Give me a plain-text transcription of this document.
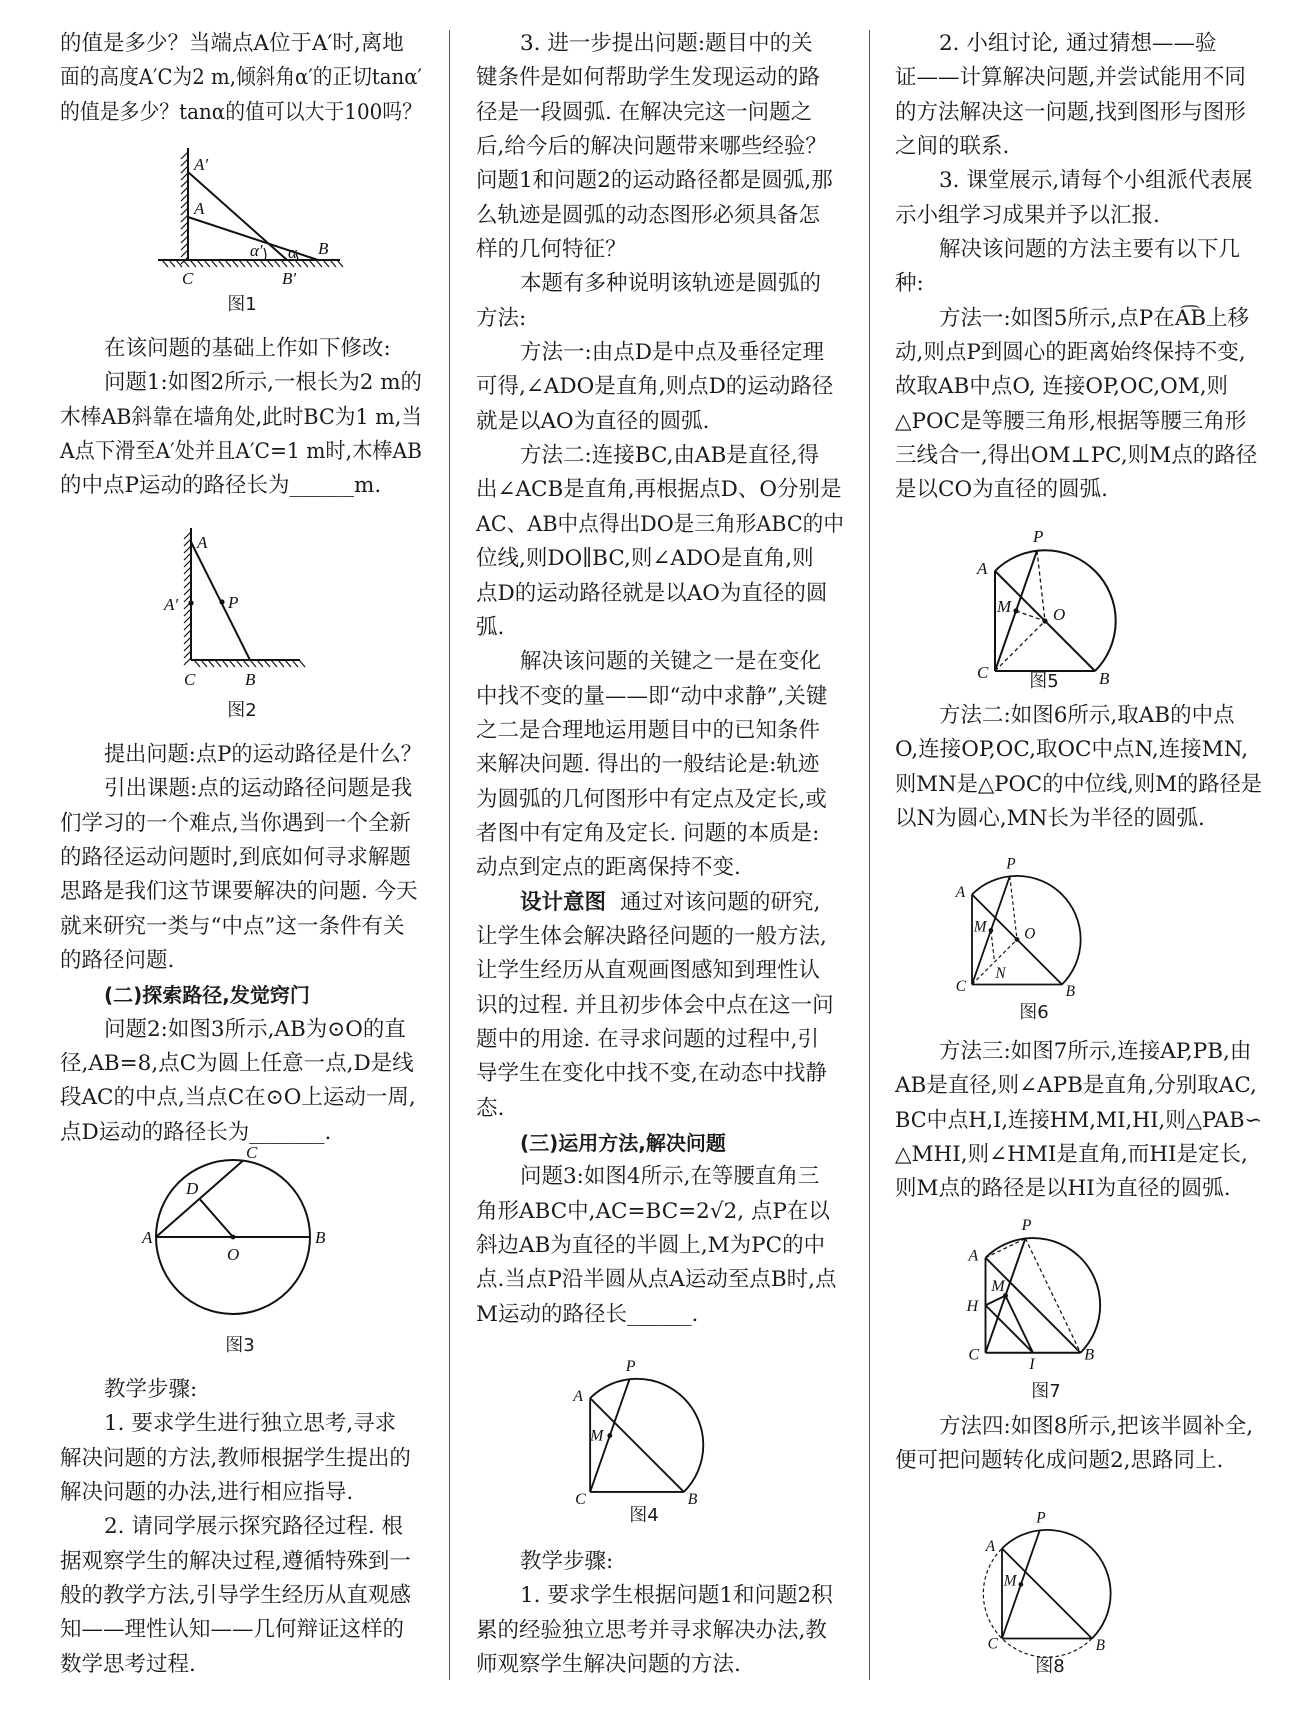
的值是多少？当端点A位于A′时,离地
面的高度A′C为2 m,倾斜角α′的正切tanα′
的值是多少？tanα的值可以大于100吗？
在该问题的基础上作如下修改:
问题1:如图2所示,一根长为2 m的
木棒AB斜靠在墙角处,此时BC为1 m,当
A点下滑至A′处并且A′C=1 m时,木棒AB
的中点P运动的路径长为______m.
提出问题:点P的运动路径是什么？
引出课题:点的运动路径问题是我
们学习的一个难点,当你遇到一个全新
的路径运动问题时,到底如何寻求解题
思路是我们这节课要解决的问题. 今天
就来研究一类与“中点”这一条件有关
的路径问题.
(二)探索路径,发觉窍门
问题2:如图3所示,AB为⊙O的直
径,AB=8,点C为圆上任意一点,D是线
段AC的中点,当点C在⊙O上运动一周,
点D运动的路径长为_______.
教学步骤:
1. 要求学生进行独立思考,寻求
解决问题的方法,教师根据学生提出的
解决问题的办法,进行相应指导.
2. 请同学展示探究路径过程. 根
据观察学生的解决过程,遵循特殊到一
般的教学方法,引导学生经历从直观感
知——理性认知——几何辩证这样的
数学思考过程.
3. 进一步提出问题:题目中的关
键条件是如何帮助学生发现运动的路
径是一段圆弧. 在解决完这一问题之
后,给今后的解决问题带来哪些经验？
问题1和问题2的运动路径都是圆弧,那
么轨迹是圆弧的动态图形必须具备怎
样的几何特征？
本题有多种说明该轨迹是圆弧的
方法:
方法一:由点D是中点及垂径定理
可得,∠ADO是直角,则点D的运动路径
就是以AO为直径的圆弧.
方法二:连接BC,由AB是直径,得
出∠ACB是直角,再根据点D、O分别是
AC、AB中点得出DO是三角形ABC的中
位线,则DO∥BC,则∠ADO是直角,则
点D的运动路径就是以AO为直径的圆
弧.
解决该问题的关键之一是在变化
中找不变的量——即“动中求静”,关键
之二是合理地运用题目中的已知条件
来解决问题. 得出的一般结论是:轨迹
为圆弧的几何图形中有定点及定长,或
者图中有定角及定长. 问题的本质是:
动点到定点的距离保持不变.
设计意图 通过对该问题的研究,
让学生体会解决路径问题的一般方法,
让学生经历从直观画图感知到理性认
识的过程. 并且初步体会中点在这一问
题中的用途. 在寻求问题的过程中,引
导学生在变化中找不变,在动态中找静
态.
(三)运用方法,解决问题
问题3:如图4所示,在等腰直角三
角形ABC中,AC=BC=2√2, 点P在以
斜边AB为直径的半圆上,M为PC的中
点.当点P沿半圆从点A运动至点B时,点
M运动的路径长______.
教学步骤:
1. 要求学生根据问题1和问题2积
累的经验独立思考并寻求解决办法,教
师观察学生解决问题的方法.
2. 小组讨论, 通过猜想——验
证——计算解决问题,并尝试能用不同
的方法解决这一问题,找到图形与图形
之间的联系.
3. 课堂展示,请每个小组派代表展
示小组学习成果并予以汇报.
解决该问题的方法主要有以下几
种:
方法一:如图5所示,点P在A͡B上移
动,则点P到圆心的距离始终保持不变,
故取AB中点O, 连接OP,OC,OM,则
△POC是等腰三角形,根据等腰三角形
三线合一,得出OM⊥PC,则M点的路径
是以CO为直径的圆弧.
方法二:如图6所示,取AB的中点
O,连接OP,OC,取OC中点N,连接MN,
则MN是△POC的中位线,则M的路径是
以N为圆心,MN长为半径的圆弧.
方法三:如图7所示,连接AP,PB,由
AB是直径,则∠APB是直角,分别取AC,
BC中点H,I,连接HM,MI,HI,则△PAB∽
△MHI,则∠HMI是直角,而HI是定长,
则M点的路径是以HI为直径的圆弧.
方法四:如图8所示,把该半圆补全,
便可把问题转化成问题2,思路同上.
A′
A
C	B′
B
α′ α
图1
A
A′	P
C	B
图2
A	B
C
D
O
图3
A
P
M
C	B
图4
A
P
M O
C	B
图5
A
P
M O
N
C	B
图6
A
P
M
H
C
I
B
图7
A
P
M
C	B
图8
